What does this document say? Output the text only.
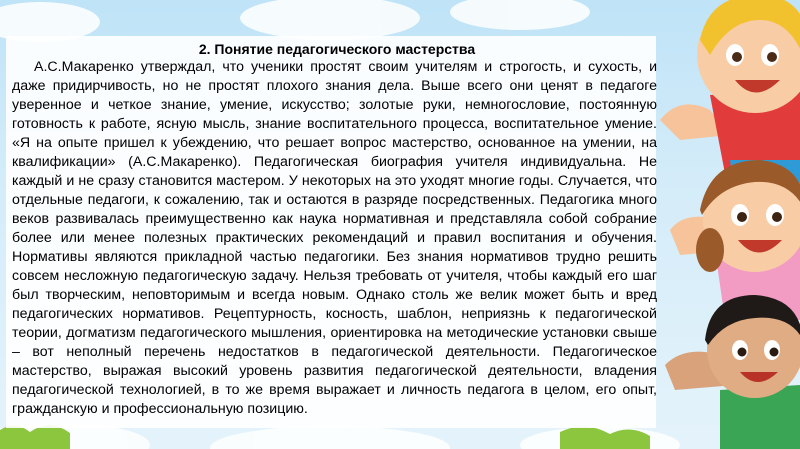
2. Понятие педагогического мастерства

А.С.Макаренко утверждал, что ученики простят своим учителям и строгость, и сухость, и даже придирчивость, но не простят плохого знания дела. Выше всего они ценят в педагоге уверенное и четкое знание, умение, искусство; золотые руки, немногословие, постоянную готовность к работе, ясную мысль, знание воспитательного процесса, воспитательное умение. «Я на опыте пришел к убеждению, что решает вопрос мастерство, основанное на умении, на квалификации» (А.С.Макаренко). Педагогическая биография учителя индивидуальна. Не каждый и не сразу становится мастером. У некоторых на это уходят многие годы. Случается, что отдельные педагоги, к сожалению, так и остаются в разряде посредственных. Педагогика много веков развивалась преимущественно как наука нормативная и представляла собой собрание более или менее полезных практических рекомендаций и правил воспитания и обучения. Нормативы являются прикладной частью педагогики. Без знания нормативов трудно решить совсем несложную педагогическую задачу. Нельзя требовать от учителя, чтобы каждый его шаг был творческим, неповторимым и всегда новым. Однако столь же велик может быть и вред педагогических нормативов. Рецептурность, косность, шаблон, неприязнь к педагогической теории, догматизм педагогического мышления, ориентировка на методические установки свыше – вот неполный перечень недостатков в педагогической деятельности. Педагогическое мастерство, выражая высокий уровень развития педагогической деятельности, владения педагогической технологией, в то же время выражает и личность педагога в целом, его опыт, гражданскую и профессиональную позицию.
